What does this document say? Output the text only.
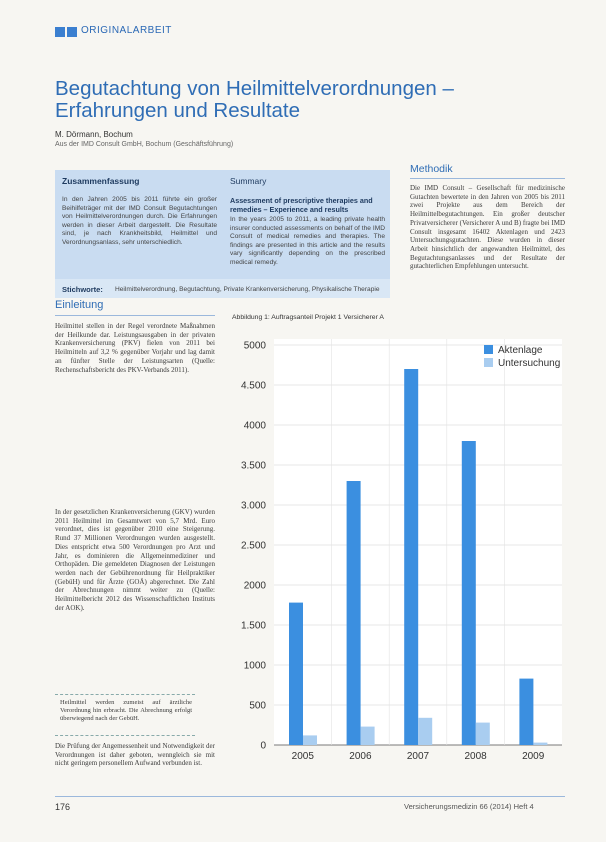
ORIGINALARBEIT
Begutachtung von Heilmittelverordnungen – Erfahrungen und Resultate
M. Dörmann, Bochum
Aus der IMD Consult GmbH, Bochum (Geschäftsführung)
Zusammenfassung
In den Jahren 2005 bis 2011 führte ein großer Beihilfeträger mit der IMD Consult Begutachtungen von Heilmittelverordnungen durch. Die Erfahrungen werden in dieser Arbeit dargestellt. Die Resultate sind, je nach Krankheitsbild, Heilmittel und Verordnungsanlass, sehr unterschiedlich.
Summary
Assessment of prescriptive therapies and remedies – Experience and results
In the years 2005 to 2011, a leading private health insurer conducted assessments on behalf of the IMD Consult of medical remedies and therapies. The findings are presented in this article and the results vary significantly depending on the prescribed medical remedy.
Stichworte: Heilmittelverordnung, Begutachtung, Private Krankenversicherung, Physikalische Therapie
Methodik
Die IMD Consult – Gesellschaft für medizinische Gutachten bewertete in den Jahren von 2005 bis 2011 zwei Projekte aus dem Bereich der Heilmittelbegutachtungen. Ein großer deutscher Privatversicherer (Versicherer A und B) fragte bei IMD Consult insgesamt 16402 Aktenlagen und 2423 Untersuchungsgutachten. Diese wurden in dieser Arbeit hinsichtlich der angewandten Heilmittel, des Begutachtungsanlasses und der Resultate der gutachterlichen Empfehlungen untersucht.
Einleitung
Heilmittel stellen in der Regel verordnete Maßnahmen der Heilkunde dar. Leistungsausgaben in der privaten Krankenversicherung (PKV) fielen von 2011 bei Heilmitteln auf 3,2 % gegenüber Vorjahr und lag damit an fünfter Stelle der Leistungsarten (Quelle: Rechenschaftsbericht des PKV-Verbands 2011).
In der gesetzlichen Krankenversicherung (GKV) wurden 2011 Heilmittel im Gesamtwert von 5,7 Mrd. Euro verordnet, dies ist gegenüber 2010 eine Steigerung. Rund 37 Millionen Verordnungen wurden ausgestellt. Dies entspricht etwa 500 Verordnungen pro Arzt und Jahr, es dominieren die Allgemeinmediziner und Orthopäden. Die gemeldeten Diagnosen der Leistungen werden nach der Gebührenordnung für Heilpraktiker (GebüH) und für Ärzte (GOÄ) abgerechnet. Die Zahl der Abrechnungen nimmt weiter zu (Quelle: Heilmittelbericht 2012 des Wissenschaftlichen Instituts der AOK).
Heilmittel werden zumeist auf ärztliche Verordnung hin erbracht. Die Abrechnung erfolgt überwiegend nach der GebüH.
Die Prüfung der Angemessenheit und Notwendigkeit der Verordnungen ist daher geboten, wenngleich sie mit nicht geringem personellem Aufwand verbunden ist.
Abbildung 1: Auftragsanteil Projekt 1 Versicherer A
0
500
1000
1.500
2000
2.500
3.000
3.500
4000
4.500
5000
2005	2006	2007	2008	2009
Aktenlage
Untersuchung
176	Versicherungsmedizin 66 (2014) Heft 4
